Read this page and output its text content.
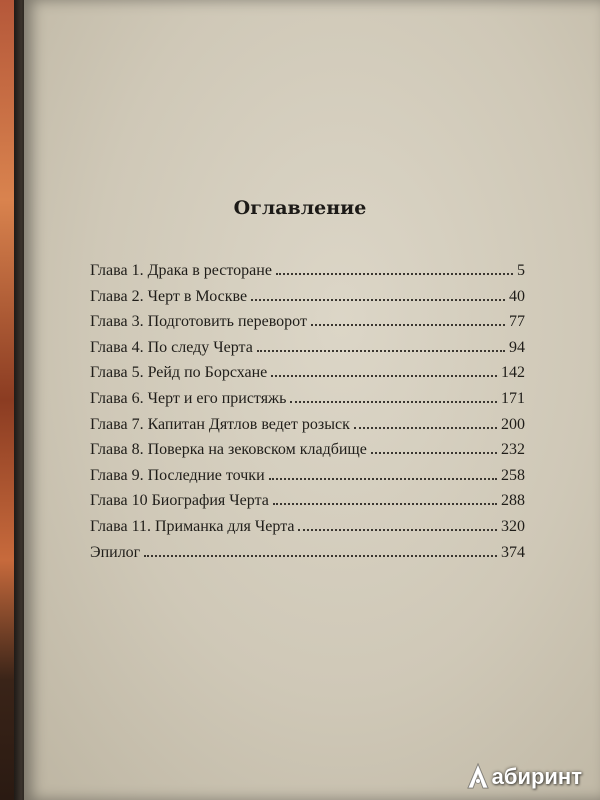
Оглавление
Глава 1. Драка в ресторане	5
Глава 2. Черт в Москве	40
Глава 3. Подготовить переворот	77
Глава 4. По следу Черта	94
Глава 5. Рейд по Борсхане	142
Глава 6. Черт и его пристяжь	171
Глава 7. Капитан Дятлов ведет розыск	200
Глава 8. Поверка на зековском кладбище	232
Глава 9. Последние точки	258
Глава 10 Биография Черта	288
Глава 11. Приманка для Черта	320
Эпилог	374
абиринт
